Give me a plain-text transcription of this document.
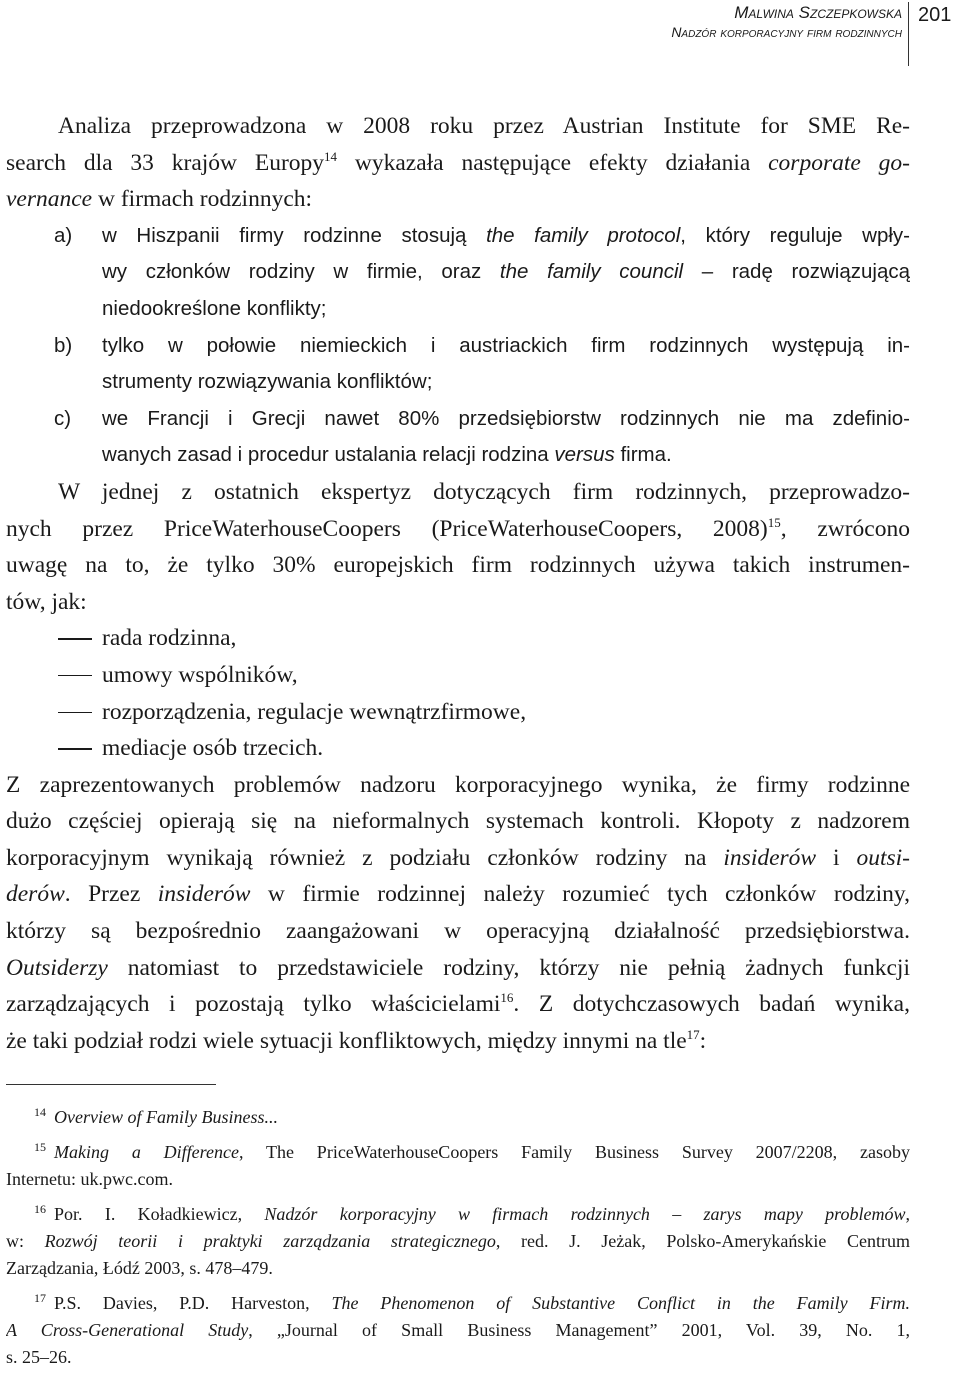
Malwina Szczepkowska
Nadzór korporacyjny firm rodzinnych
201
Analiza przeprowadzona w 2008 roku przez Austrian Institute for SME Re-
search dla 33 krajów Europy$^{14}$ wykazała następujące efekty działania corporate go-
vernance w firmach rodzinnych:
a) w Hiszpanii firmy rodzinne stosują the family protocol, który reguluje wpły-
wy członków rodziny w firmie, oraz the family council – radę rozwiązującą
niedookreślone konflikty;
b) tylko w połowie niemieckich i austriackich firm rodzinnych występują in-
strumenty rozwiązywania konfliktów;
c) we Francji i Grecji nawet 80% przedsiębiorstw rodzinnych nie ma zdefinio-
wanych zasad i procedur ustalania relacji rodzina versus firma.
W jednej z ostatnich ekspertyz dotyczących firm rodzinnych, przeprowadzo-
nych przez PriceWaterhouseCoopers (PriceWaterhouseCoopers, 2008)$^{15}$, zwrócono
uwagę na to, że tylko 30% europejskich firm rodzinnych używa takich instrumen-
tów, jak:
rada rodzinna,
umowy wspólników,
rozporządzenia, regulacje wewnątrzfirmowe,
mediacje osób trzecich.
Z zaprezentowanych problemów nadzoru korporacyjnego wynika, że firmy rodzinne
dużo częściej opierają się na nieformalnych systemach kontroli. Kłopoty z nadzorem
korporacyjnym wynikają również z podziału członków rodziny na insiderów i outsi-
derów. Przez insiderów w firmie rodzinnej należy rozumieć tych członków rodziny,
którzy są bezpośrednio zaangażowani w operacyjną działalność przedsiębiorstwa.
Outsiderzy natomiast to przedstawiciele rodziny, którzy nie pełnią żadnych funkcji
zarządzających i pozostają tylko właścicielami$^{16}$. Z dotychczasowych badań wynika,
że taki podział rodzi wiele sytuacji konfliktowych, między innymi na tle$^{17}$:
$^{14}$ Overview of Family Business...
$^{15}$ Making a Difference, The PriceWaterhouseCoopers Family Business Survey 2007/2208, zasoby
Internetu: uk.pwc.com.
$^{16}$ Por. I. Koładkiewicz, Nadzór korporacyjny w firmach rodzinnych – zarys mapy problemów,
w: Rozwój teorii i praktyki zarządzania strategicznego, red. J. Jeżak, Polsko-Amerykańskie Centrum
Zarządzania, Łódź 2003, s. 478–479.
$^{17}$ P.S. Davies, P.D. Harveston, The Phenomenon of Substantive Conflict in the Family Firm.
A Cross-Generational Study, „Journal of Small Business Management” 2001, Vol. 39, No. 1,
s. 25–26.
